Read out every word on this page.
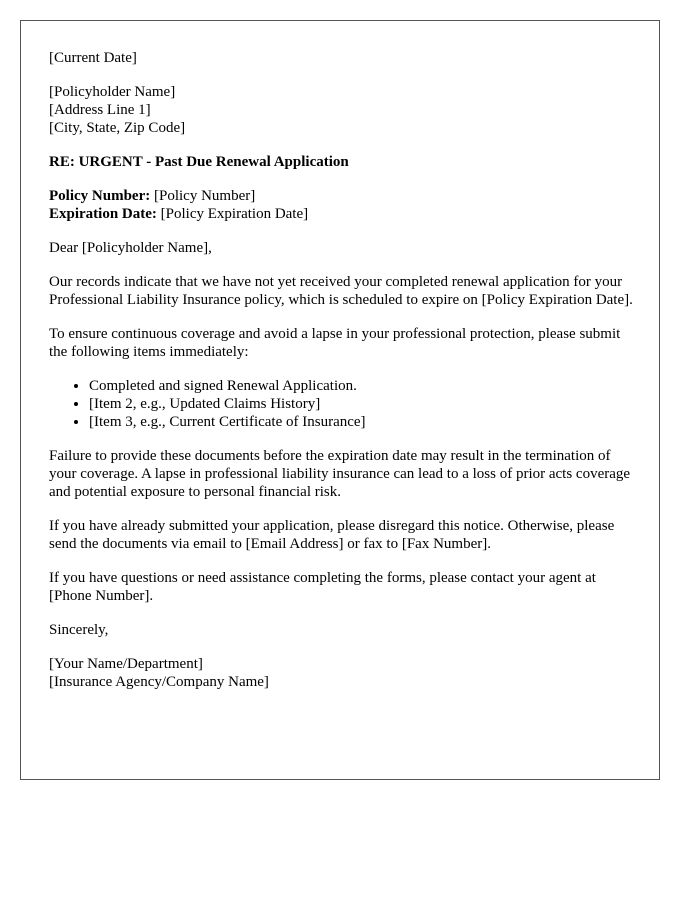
[Current Date]

[Policyholder Name]
[Address Line 1]
[City, State, Zip Code]

RE: URGENT - Past Due Renewal Application

Policy Number: [Policy Number]
Expiration Date: [Policy Expiration Date]

Dear [Policyholder Name],

Our records indicate that we have not yet received your completed renewal application for your Professional Liability Insurance policy, which is scheduled to expire on [Policy Expiration Date].

To ensure continuous coverage and avoid a lapse in your professional protection, please submit the following items immediately:

• Completed and signed Renewal Application.
• [Item 2, e.g., Updated Claims History]
• [Item 3, e.g., Current Certificate of Insurance]

Failure to provide these documents before the expiration date may result in the termination of your coverage. A lapse in professional liability insurance can lead to a loss of prior acts coverage and potential exposure to personal financial risk.

If you have already submitted your application, please disregard this notice. Otherwise, please send the documents via email to [Email Address] or fax to [Fax Number].

If you have questions or need assistance completing the forms, please contact your agent at [Phone Number].

Sincerely,

[Your Name/Department]
[Insurance Agency/Company Name]
